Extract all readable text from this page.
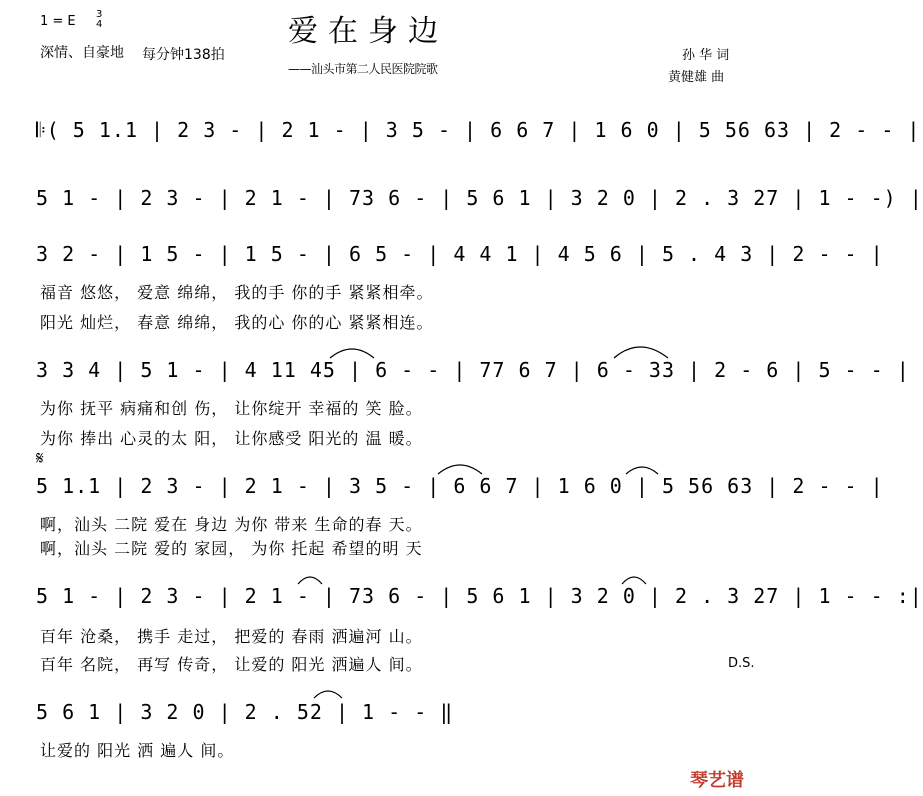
爱在身边
1 = E 3
4
深情、自豪地 每分钟138拍
——汕头市第二人民医院院歌
孙 华 词
黄健雄 曲
𝄆( 5 1.1 | 2 3 - | 2 1 - | 3 5 - | 6 6 7 | 1 6 0 | 5 56 63 | 2 - - |
5 1 - | 2 3 - | 2 1 - | 73 6 - | 5 6 1 | 3 2 0 | 2 . 3 27 | 1 - -) |
3 2 - | 1 5 - | 1 5 - | 6 5 - | 4 4 1 | 4 5 6 | 5 . 4 3 | 2 - - |
福音 悠悠， 爱意 绵绵， 我的手 你的手 紧紧相牵。
阳光 灿烂， 春意 绵绵， 我的心 你的心 紧紧相连。
3 3 4 | 5 1 - | 4 11 45 | 6 - - | 77 6 7 | 6 - 33 | 2 - 6 | 5 - - |
为你 抚平 病痛和创 伤， 让你绽开 幸福的 笑 脸。
为你 捧出 心灵的太 阳， 让你感受 阳光的 温 暖。
𝄋
5 1.1 | 2 3 - | 2 1 - | 3 5 - | 6 6 7 | 1 6 0 | 5 56 63 | 2 - - |
啊，汕头 二院 爱在 身边 为你 带来 生命的春 天。
啊，汕头 二院 爱的 家园， 为你 托起 希望的明 天
5 1 - | 2 3 - | 2 1 - | 73 6 - | 5 6 1 | 3 2 0 | 2 . 3 27 | 1 - - :|
百年 沧桑， 携手 走过， 把爱的 春雨 洒遍河 山。
百年 名院， 再写 传奇， 让爱的 阳光 洒遍人 间。	D.S.
5 6 1 | 3 2 0 | 2 . 52 | 1 - - ‖
让爱的 阳光 洒 遍人 间。
琴艺谱
